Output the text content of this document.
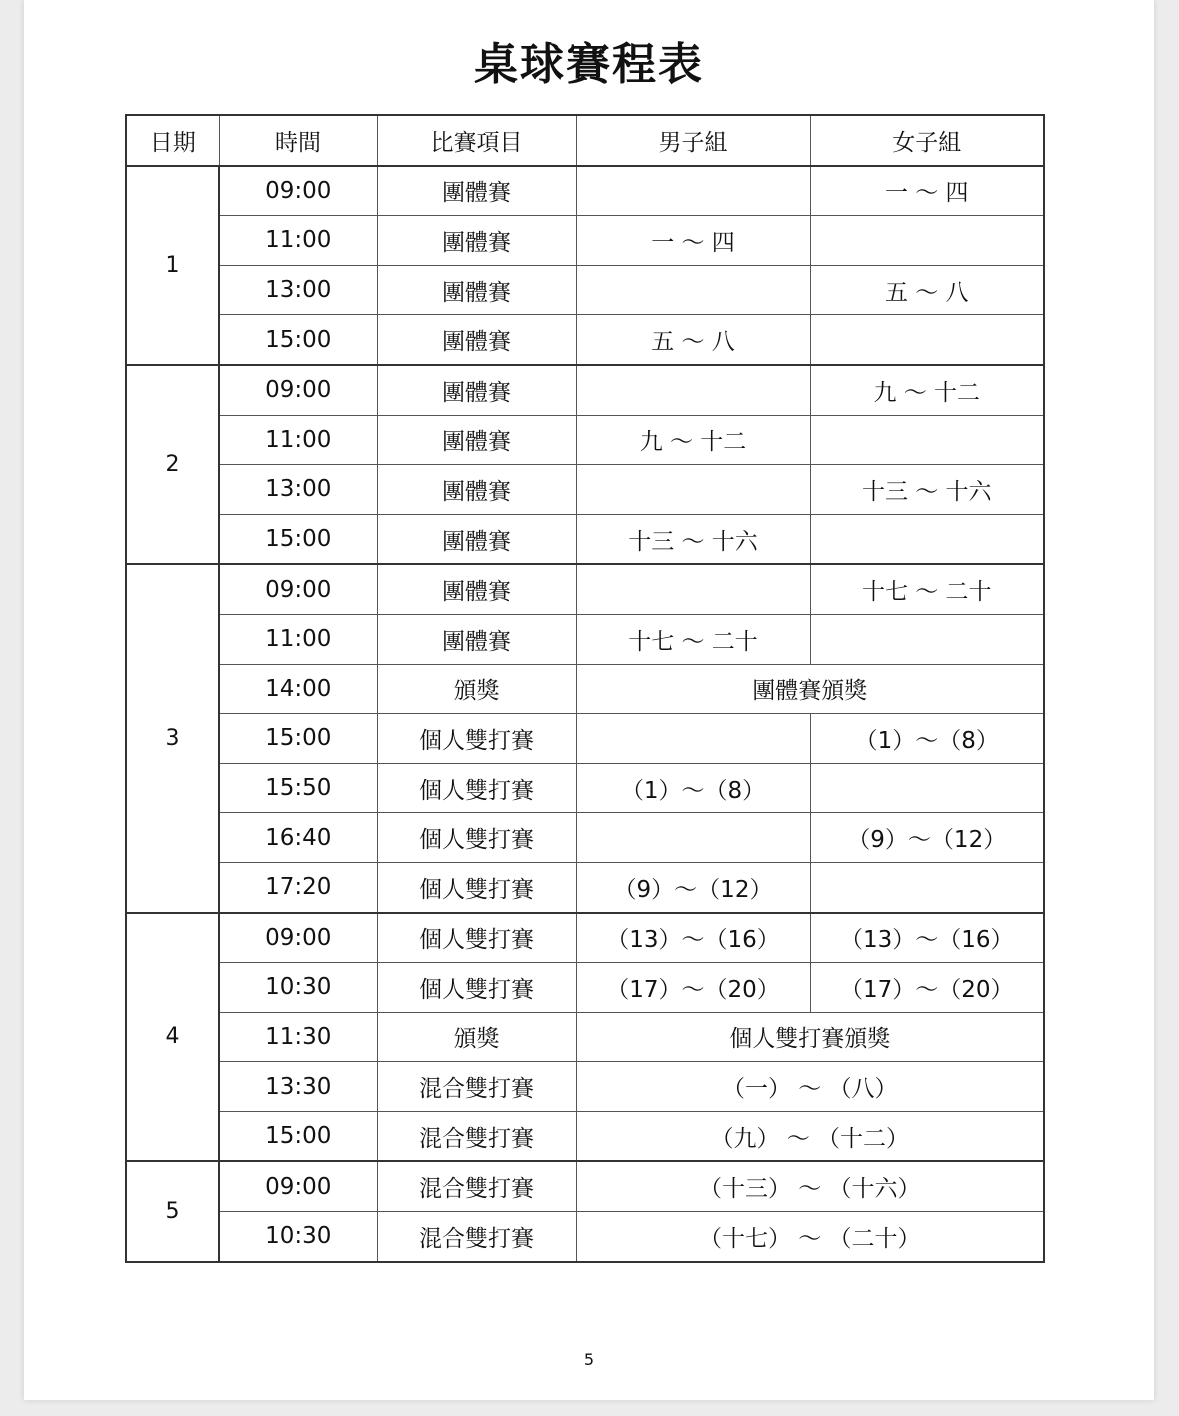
桌球賽程表
日期	時間	比賽項目	男子組	女子組
1	09:00	團體賽		一 ～ 四
	11:00	團體賽	一 ～ 四	
	13:00	團體賽		五 ～ 八
	15:00	團體賽	五 ～ 八	
2	09:00	團體賽		九 ～ 十二
	11:00	團體賽	九 ～ 十二	
	13:00	團體賽		十三 ～ 十六
	15:00	團體賽	十三 ～ 十六	
3	09:00	團體賽		十七 ～ 二十
	11:00	團體賽	十七 ～ 二十	
	14:00	頒獎	團體賽頒獎	
	15:00	個人雙打賽		（1）～（8）
	15:50	個人雙打賽	（1）～（8）	
	16:40	個人雙打賽		（9）～（12）
	17:20	個人雙打賽	（9）～（12）	
4	09:00	個人雙打賽	（13）～（16）	（13）～（16）
	10:30	個人雙打賽	（17）～（20）	（17）～（20）
	11:30	頒獎	個人雙打賽頒獎	
	13:30	混合雙打賽	（一） ～ （八）	
	15:00	混合雙打賽	（九） ～ （十二）	
5	09:00	混合雙打賽	（十三） ～ （十六）	
	10:30	混合雙打賽	（十七） ～ （二十）	
5
